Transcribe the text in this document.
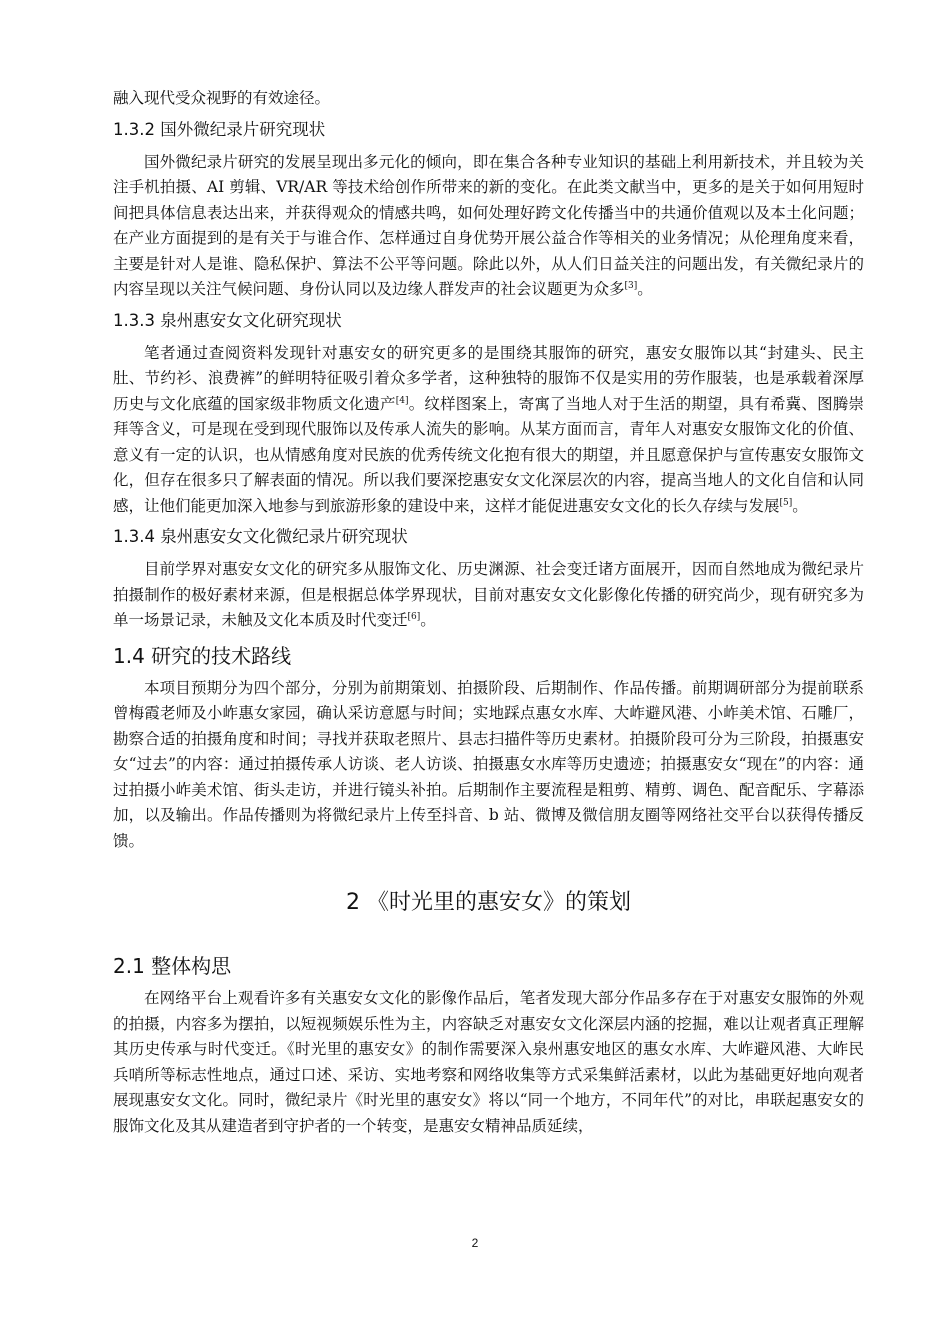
融入现代受众视野的有效途径。

1.3.2 国外微纪录片研究现状

国外微纪录片研究的发展呈现出多元化的倾向，即在集合各种专业知识的基础上利用新技术，并且较为关注手机拍摄、AI 剪辑、VR/AR 等技术给创作所带来的新的变化。在此类文献当中，更多的是关于如何用短时间把具体信息表达出来，并获得观众的情感共鸣，如何处理好跨文化传播当中的共通价值观以及本土化问题；在产业方面提到的是有关于与谁合作、怎样通过自身优势开展公益合作等相关的业务情况；从伦理角度来看，主要是针对人是谁、隐私保护、算法不公平等问题。除此以外，从人们日益关注的问题出发，有关微纪录片的内容呈现以关注气候问题、身份认同以及边缘人群发声的社会议题更为众多[3]。

1.3.3 泉州惠安女文化研究现状

笔者通过查阅资料发现针对惠安女的研究更多的是围绕其服饰的研究，惠安女服饰以其“封建头、民主肚、节约衫、浪费裤”的鲜明特征吸引着众多学者，这种独特的服饰不仅是实用的劳作服装，也是承载着深厚历史与文化底蕴的国家级非物质文化遗产[4]。纹样图案上，寄寓了当地人对于生活的期望，具有希冀、图腾崇拜等含义，可是现在受到现代服饰以及传承人流失的影响。从某方面而言，青年人对惠安女服饰文化的价值、意义有一定的认识，也从情感角度对民族的优秀传统文化抱有很大的期望，并且愿意保护与宣传惠安女服饰文化，但存在很多只了解表面的情况。所以我们要深挖惠安女文化深层次的内容，提高当地人的文化自信和认同感，让他们能更加深入地参与到旅游形象的建设中来，这样才能促进惠安女文化的长久存续与发展[5]。

1.3.4 泉州惠安女文化微纪录片研究现状

目前学界对惠安女文化的研究多从服饰文化、历史渊源、社会变迁诸方面展开，因而自然地成为微纪录片拍摄制作的极好素材来源，但是根据总体学界现状，目前对惠安女文化影像化传播的研究尚少，现有研究多为单一场景记录，未触及文化本质及时代变迁[6]。

1.4 研究的技术路线

本项目预期分为四个部分，分别为前期策划、拍摄阶段、后期制作、作品传播。前期调研部分为提前联系曾梅霞老师及小岞惠女家园，确认采访意愿与时间；实地踩点惠女水库、大岞避风港、小岞美术馆、石雕厂，勘察合适的拍摄角度和时间；寻找并获取老照片、县志扫描件等历史素材。拍摄阶段可分为三阶段，拍摄惠安女“过去”的内容：通过拍摄传承人访谈、老人访谈、拍摄惠女水库等历史遗迹；拍摄惠安女“现在”的内容：通过拍摄小岞美术馆、街头走访，并进行镜头补拍。后期制作主要流程是粗剪、精剪、调色、配音配乐、字幕添加，以及输出。作品传播则为将微纪录片上传至抖音、b 站、微博及微信朋友圈等网络社交平台以获得传播反馈。

2 《时光里的惠安女》的策划
2.1 整体构思

在网络平台上观看许多有关惠安女文化的影像作品后，笔者发现大部分作品多存在于对惠安女服饰的外观的拍摄，内容多为摆拍，以短视频娱乐性为主，内容缺乏对惠安女文化深层内涵的挖掘，难以让观者真正理解其历史传承与时代变迁。《时光里的惠安女》的制作需要深入泉州惠安地区的惠女水库、大岞避风港、大岞民兵哨所等标志性地点，通过口述、采访、实地考察和网络收集等方式采集鲜活素材，以此为基础更好地向观者展现惠安女文化。同时，微纪录片《时光里的惠安女》将以“同一个地方，不同年代”的对比，串联起惠安女的服饰文化及其从建造者到守护者的一个转变，是惠安女精神品质延续，

2
